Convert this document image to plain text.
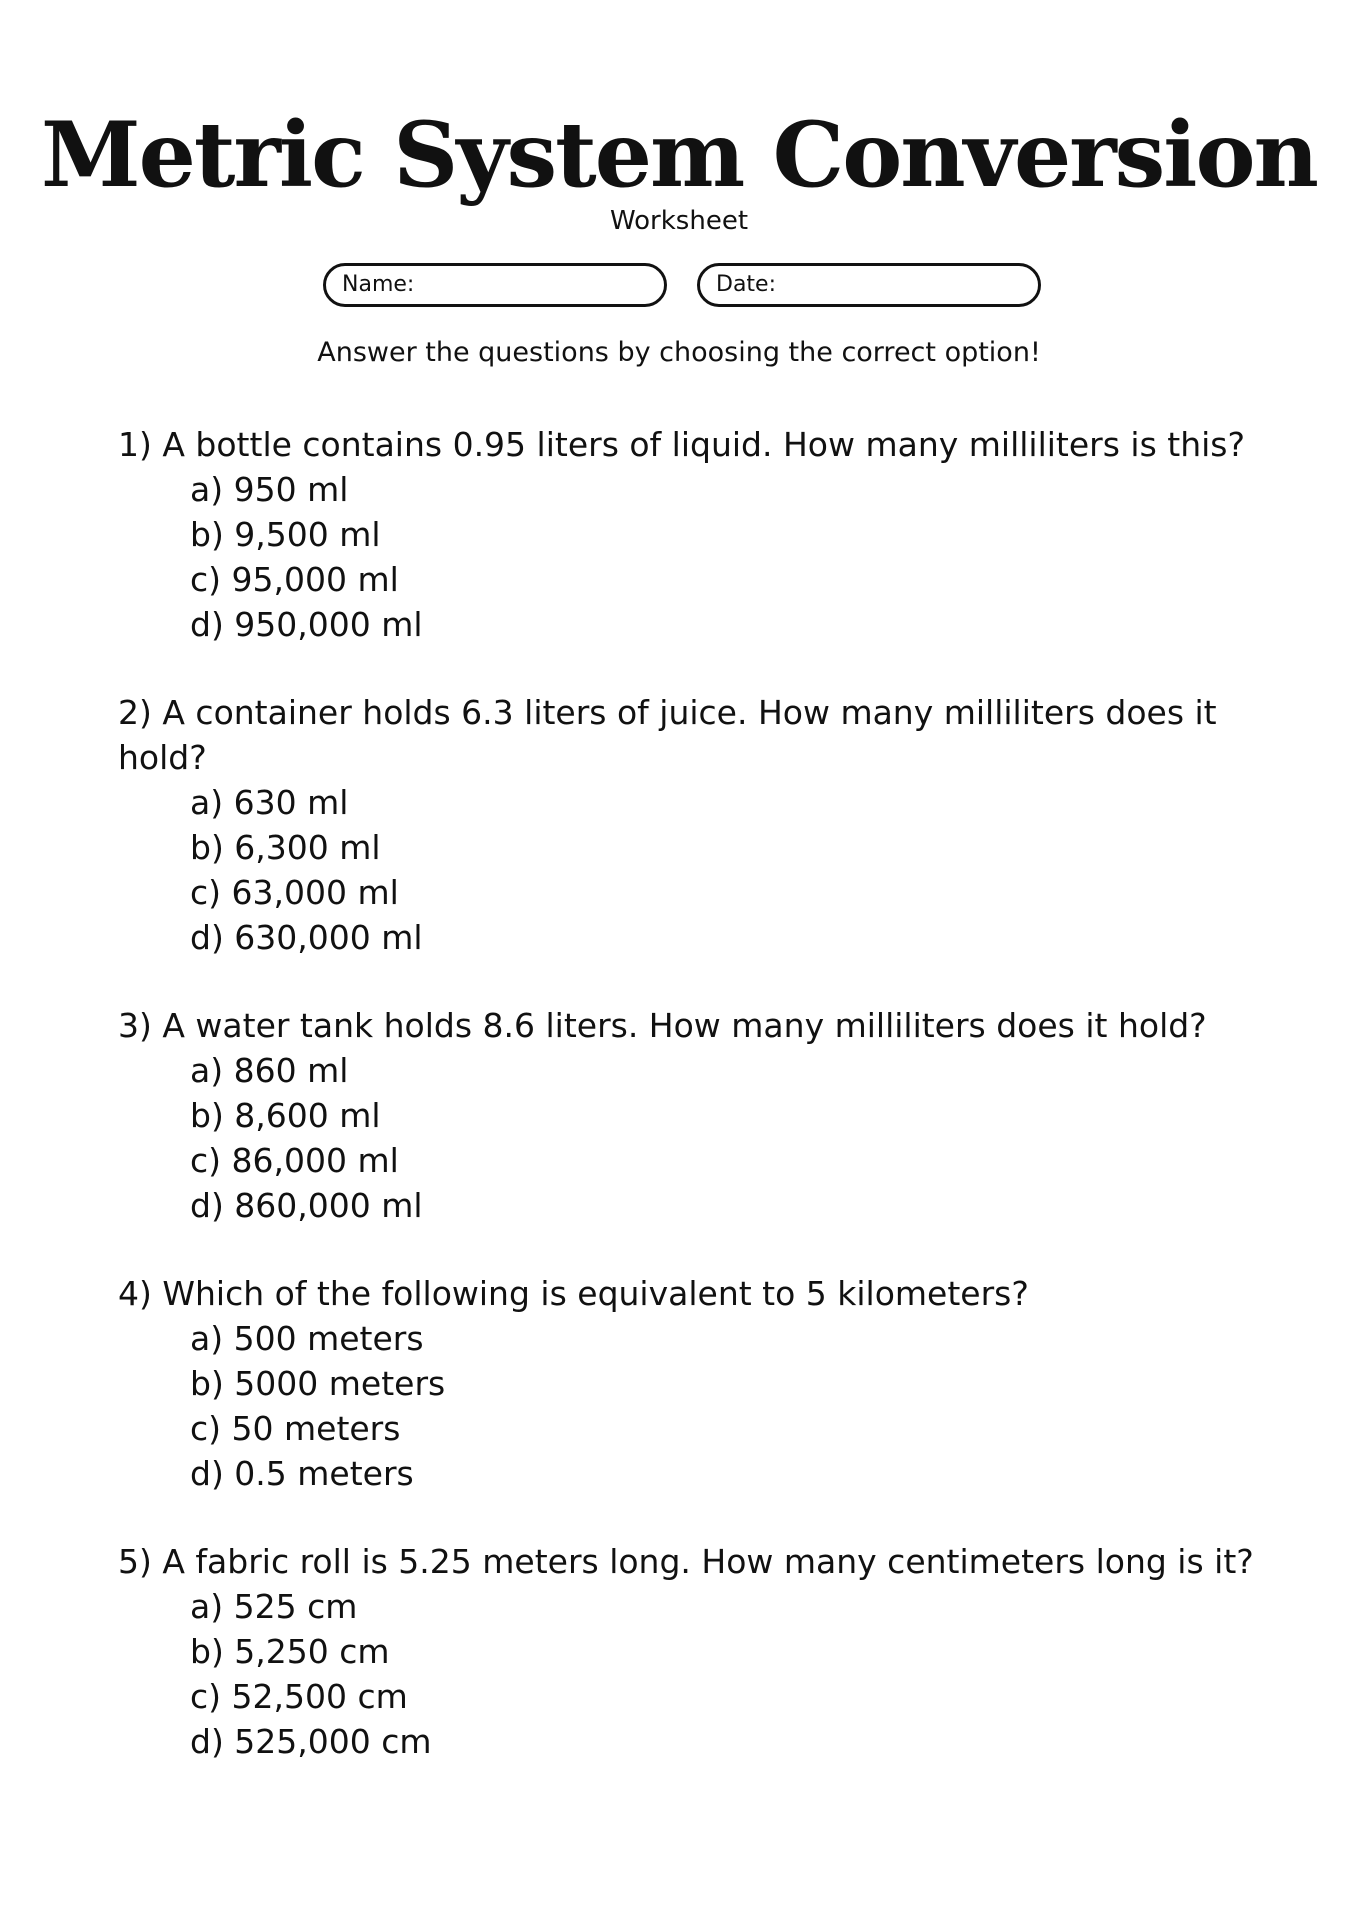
Metric System Conversion
Worksheet
Name:	Date:
Answer the questions by choosing the correct option!

1) A bottle contains 0.95 liters of liquid. How many milliliters is this?

a) 950 ml
b) 9,500 ml
c) 95,000 ml
d) 950,000 ml

2) A container holds 6.3 liters of juice. How many milliliters does it hold?

a) 630 ml
b) 6,300 ml
c) 63,000 ml
d) 630,000 ml

3) A water tank holds 8.6 liters. How many milliliters does it hold?

a) 860 ml
b) 8,600 ml
c) 86,000 ml
d) 860,000 ml

4) Which of the following is equivalent to 5 kilometers?

a) 500 meters
b) 5000 meters
c) 50 meters
d) 0.5 meters

5) A fabric roll is 5.25 meters long. How many centimeters long is it?

a) 525 cm
b) 5,250 cm
c) 52,500 cm
d) 525,000 cm
